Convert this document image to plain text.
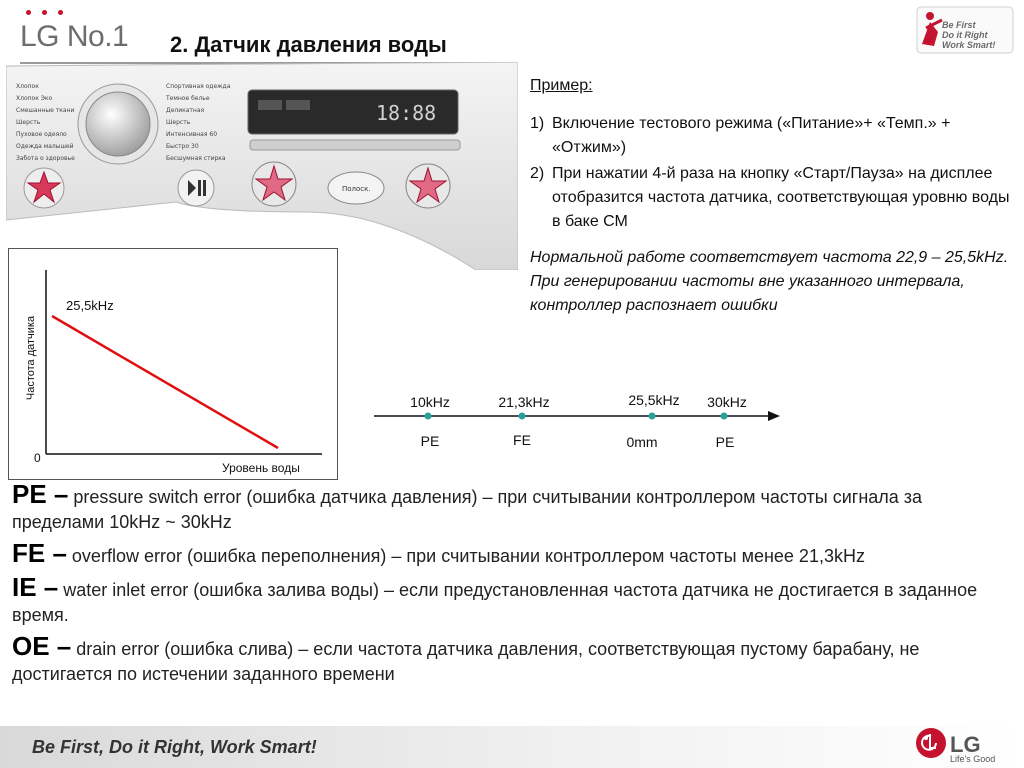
LG No.1 2. Датчик давления воды
Be First
Do it Right
Work Smart!
Хлопок
Хлопок Эко
Смешанные ткани
Шерсть
Пуховое одеяло
Одежда малышей
Забота о здоровье
Спортивная одежда
Темное белье
Деликатная
Шерсть
Интенсивная 60
Быстро 30
Бесшумная стирка
18:88
Полоск.
Пример:
1) Включение тестового режима («Питание»+ «Темп.» + «Отжим»)
2) При нажатии 4-й раза на кнопку «Старт/Пауза» на дисплее отобразится частота датчика, соответствующая уровню воды в баке СМ
Нормальной работе соответствует частота 22,9 – 25,5kHz. При генерировании частоты вне указанного интервала, контроллер распознает ошибки
25,5kHz
0
Уровень воды
Частота датчика
10kHz
PE
21,3kHz
FE
25,5kHz
0mm
30kHz
PE
PE – pressure switch error (ошибка датчика давления) – при считывании контроллером частоты сигнала за пределами 10kHz ~ 30kHz
FE – overflow error (ошибка переполнения) – при считывании контроллером частоты менее 21,3kHz
IE – water inlet error (ошибка залива воды) – если предустановленная частота датчика не достигается в заданное время.
OE – drain error (ошибка слива) – если частота датчика давления, соответствующая пустому барабану, не достигается по истечении заданного времени
Be First, Do it Right, Work Smart!	LG
Life's Good
